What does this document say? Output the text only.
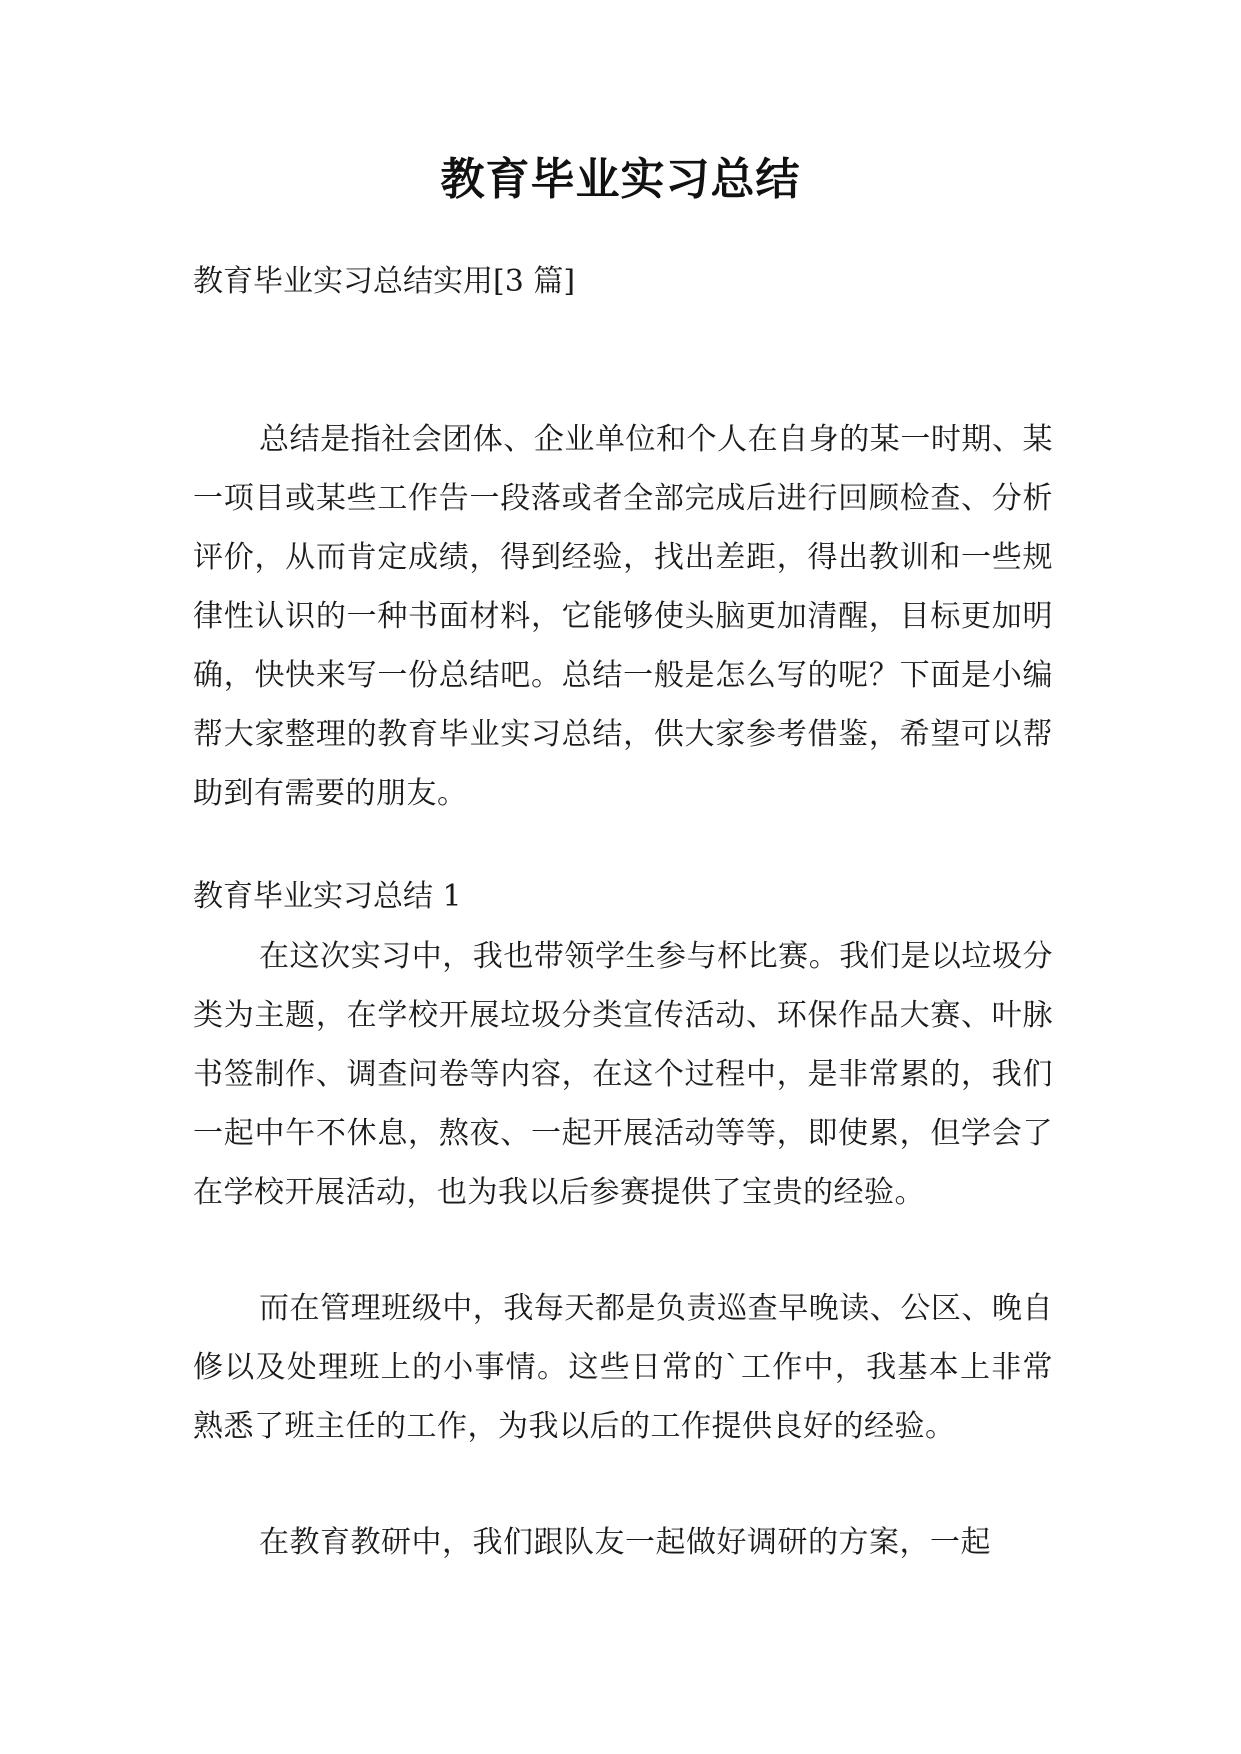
教育毕业实习总结
教育毕业实习总结实用[3 篇]
总结是指社会团体、企业单位和个人在自身的某一时期、某一项目或某些工作告一段落或者全部完成后进行回顾检查、分析评价，从而肯定成绩，得到经验，找出差距，得出教训和一些规律性认识的一种书面材料，它能够使头脑更加清醒，目标更加明确，快快来写一份总结吧。总结一般是怎么写的呢？下面是小编帮大家整理的教育毕业实习总结，供大家参考借鉴，希望可以帮助到有需要的朋友。
教育毕业实习总结 1
在这次实习中，我也带领学生参与杯比赛。我们是以垃圾分类为主题，在学校开展垃圾分类宣传活动、环保作品大赛、叶脉书签制作、调查问卷等内容，在这个过程中，是非常累的，我们一起中午不休息，熬夜、一起开展活动等等，即使累，但学会了在学校开展活动，也为我以后参赛提供了宝贵的经验。
而在管理班级中，我每天都是负责巡查早晚读、公区、晚自修以及处理班上的小事情。这些日常的`工作中，我基本上非常熟悉了班主任的工作，为我以后的工作提供良好的经验。
在教育教研中，我们跟队友一起做好调研的方案，一起
